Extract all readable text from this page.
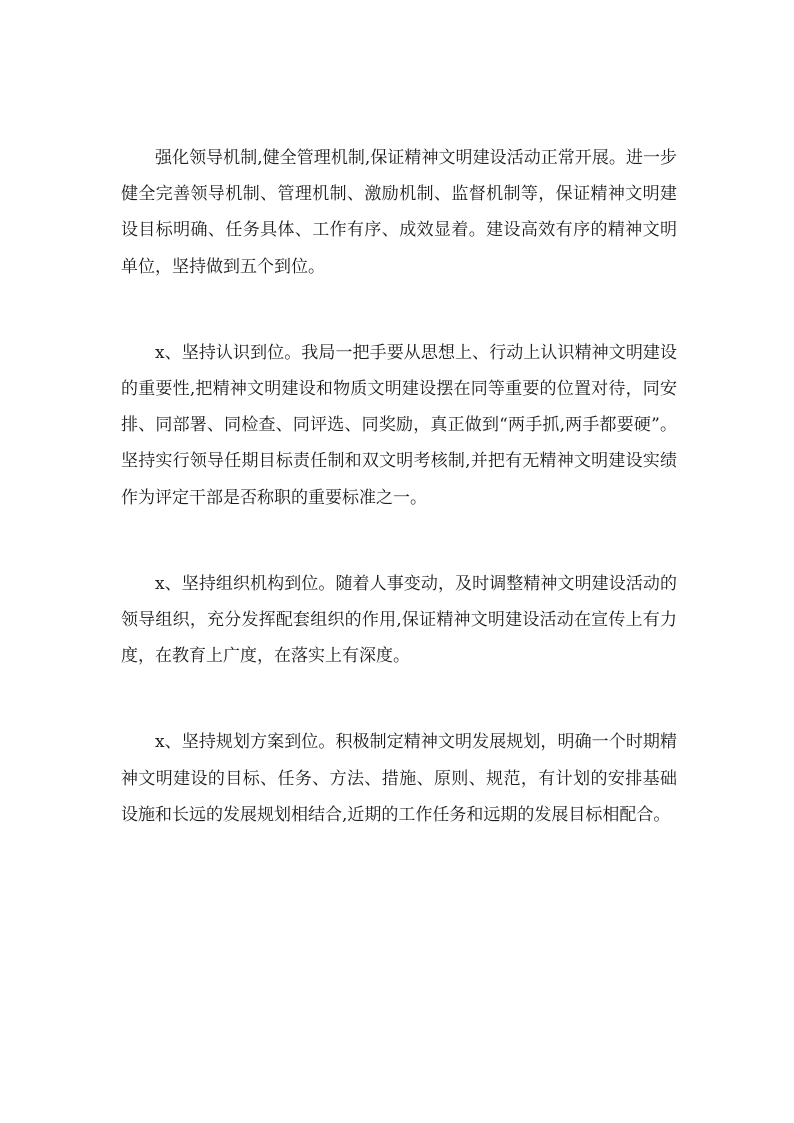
强化领导机制,健全管理机制,保证精神文明建设活动正常开展。进一步健全完善领导机制、管理机制、激励机制、监督机制等，保证精神文明建设目标明确、任务具体、工作有序、成效显着。建设高效有序的精神文明单位，坚持做到五个到位。

x、坚持认识到位。我局一把手要从思想上、行动上认识精神文明建设的重要性,把精神文明建设和物质文明建设摆在同等重要的位置对待，同安排、同部署、同检查、同评选、同奖励，真正做到“两手抓,两手都要硬”。坚持实行领导任期目标责任制和双文明考核制,并把有无精神文明建设实绩作为评定干部是否称职的重要标准之一。

x、坚持组织机构到位。随着人事变动，及时调整精神文明建设活动的领导组织，充分发挥配套组织的作用,保证精神文明建设活动在宣传上有力度，在教育上广度，在落实上有深度。

x、坚持规划方案到位。积极制定精神文明发展规划，明确一个时期精神文明建设的目标、任务、方法、措施、原则、规范，有计划的安排基础设施和长远的发展规划相结合,近期的工作任务和远期的发展目标相配合。
